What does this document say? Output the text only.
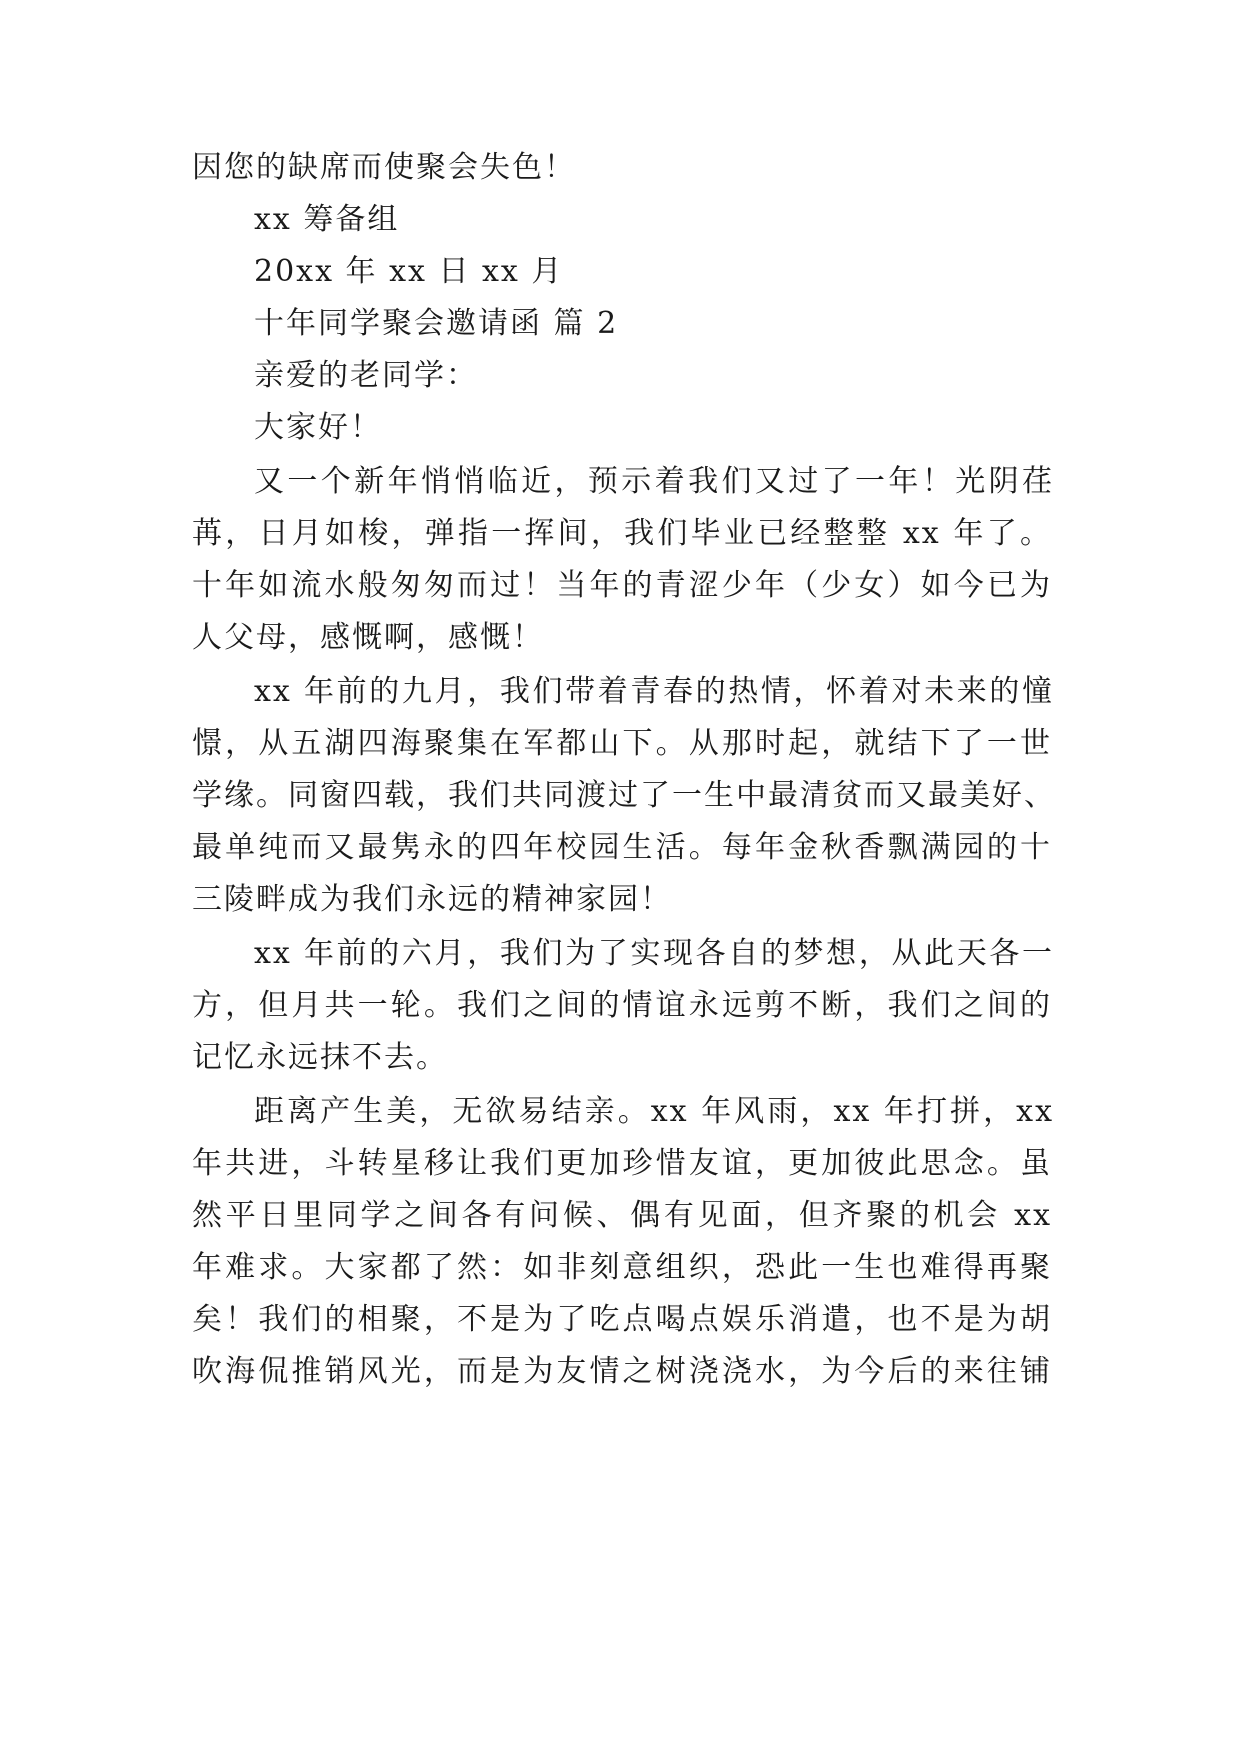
因您的缺席而使聚会失色！
xx 筹备组
20xx 年 xx 日 xx 月
十年同学聚会邀请函 篇 2
亲爱的老同学：
大家好！
又一个新年悄悄临近，预示着我们又过了一年！光阴荏
苒，日月如梭，弹指一挥间，我们毕业已经整整 xx 年了。
十年如流水般匆匆而过！当年的青涩少年（少女）如今已为
人父母，感慨啊，感慨！
xx 年前的九月，我们带着青春的热情，怀着对未来的憧
憬，从五湖四海聚集在军都山下。从那时起，就结下了一世
学缘。同窗四载，我们共同渡过了一生中最清贫而又最美好、
最单纯而又最隽永的四年校园生活。每年金秋香飘满园的十
三陵畔成为我们永远的精神家园！
xx 年前的六月，我们为了实现各自的梦想，从此天各一
方，但月共一轮。我们之间的情谊永远剪不断，我们之间的
记忆永远抹不去。
距离产生美，无欲易结亲。xx 年风雨，xx 年打拼，xx
年共进，斗转星移让我们更加珍惜友谊，更加彼此思念。虽
然平日里同学之间各有问候、偶有见面，但齐聚的机会 xx
年难求。大家都了然：如非刻意组织，恐此一生也难得再聚
矣！我们的相聚，不是为了吃点喝点娱乐消遣，也不是为胡
吹海侃推销风光，而是为友情之树浇浇水，为今后的来往铺
